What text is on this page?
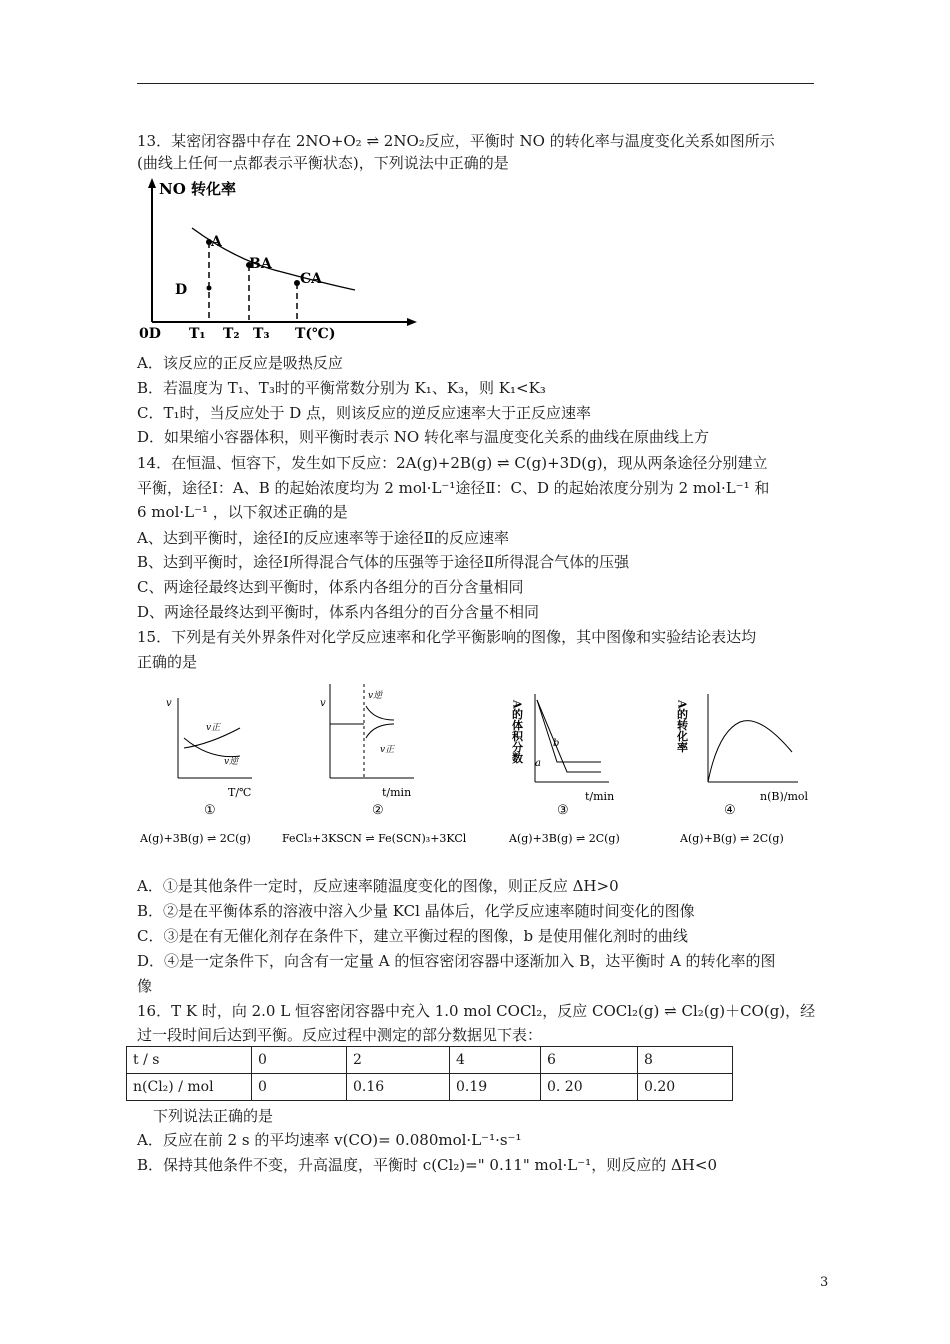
13．某密闭容器中存在 2NO+O₂ ⇌ 2NO₂反应，平衡时 NO 的转化率与温度变化关系如图所示
(曲线上任何一点都表示平衡状态)，下列说法中正确的是
NO 转化率
A
BA
CA
D
0D T₁ T₂ T₃ T(℃)
A．该反应的正反应是吸热反应
B．若温度为 T₁、T₃时的平衡常数分别为 K₁、K₃，则 K₁<K₃
C．T₁时，当反应处于 D 点，则该反应的逆反应速率大于正反应速率
D．如果缩小容器体积，则平衡时表示 NO 转化率与温度变化关系的曲线在原曲线上方
14．在恒温、恒容下，发生如下反应：2A(g)+2B(g) ⇌ C(g)+3D(g)，现从两条途径分别建立
平衡，途径Ⅰ：A、B 的起始浓度均为 2 mol·L⁻¹途径Ⅱ：C、D 的起始浓度分别为 2 mol·L⁻¹ 和
6 mol·L⁻¹ ，以下叙述正确的是
A、达到平衡时，途径Ⅰ的反应速率等于途径Ⅱ的反应速率
B、达到平衡时，途径Ⅰ所得混合气体的压强等于途径Ⅱ所得混合气体的压强
C、两途径最终达到平衡时，体系内各组分的百分含量相同
D、两途径最终达到平衡时，体系内各组分的百分含量不相同
15．下列是有关外界条件对化学反应速率和化学平衡影响的图像，其中图像和实验结论表达均
正确的是
v
v正
v逆
T/℃
①
A(g)+3B(g) ⇌ 2C(g)
v
v逆
v正
t/min
②
FeCl₃+3KSCN ⇌ Fe(SCN)₃+3KCl
A的体积分数 a
b
t/min
③
A(g)+3B(g) ⇌ 2C(g)
A的转化率
n(B)/mol
④
A(g)+B(g) ⇌ 2C(g)
A．①是其他条件一定时，反应速率随温度变化的图像，则正反应 ΔH>0
B．②是在平衡体系的溶液中溶入少量 KCl 晶体后，化学反应速率随时间变化的图像
C．③是在有无催化剂存在条件下，建立平衡过程的图像，b 是使用催化剂时的曲线
D．④是一定条件下，向含有一定量 A 的恒容密闭容器中逐渐加入 B，达平衡时 A 的转化率的图
像
16．T K 时，向 2.0 L 恒容密闭容器中充入 1.0 mol COCl₂，反应 COCl₂(g) ⇌ Cl₂(g)＋CO(g)，经
过一段时间后达到平衡。反应过程中测定的部分数据见下表：
t / s	0	2	4	6	8
n(Cl₂) / mol	0	0.16	0.19	0. 20	0.20
下列说法正确的是
A．反应在前 2 s 的平均速率 v(CO)= 0.080mol·L⁻¹·s⁻¹
B．保持其他条件不变，升高温度，平衡时 c(Cl₂)=" 0.11" mol·L⁻¹，则反应的 ΔH<0
3
